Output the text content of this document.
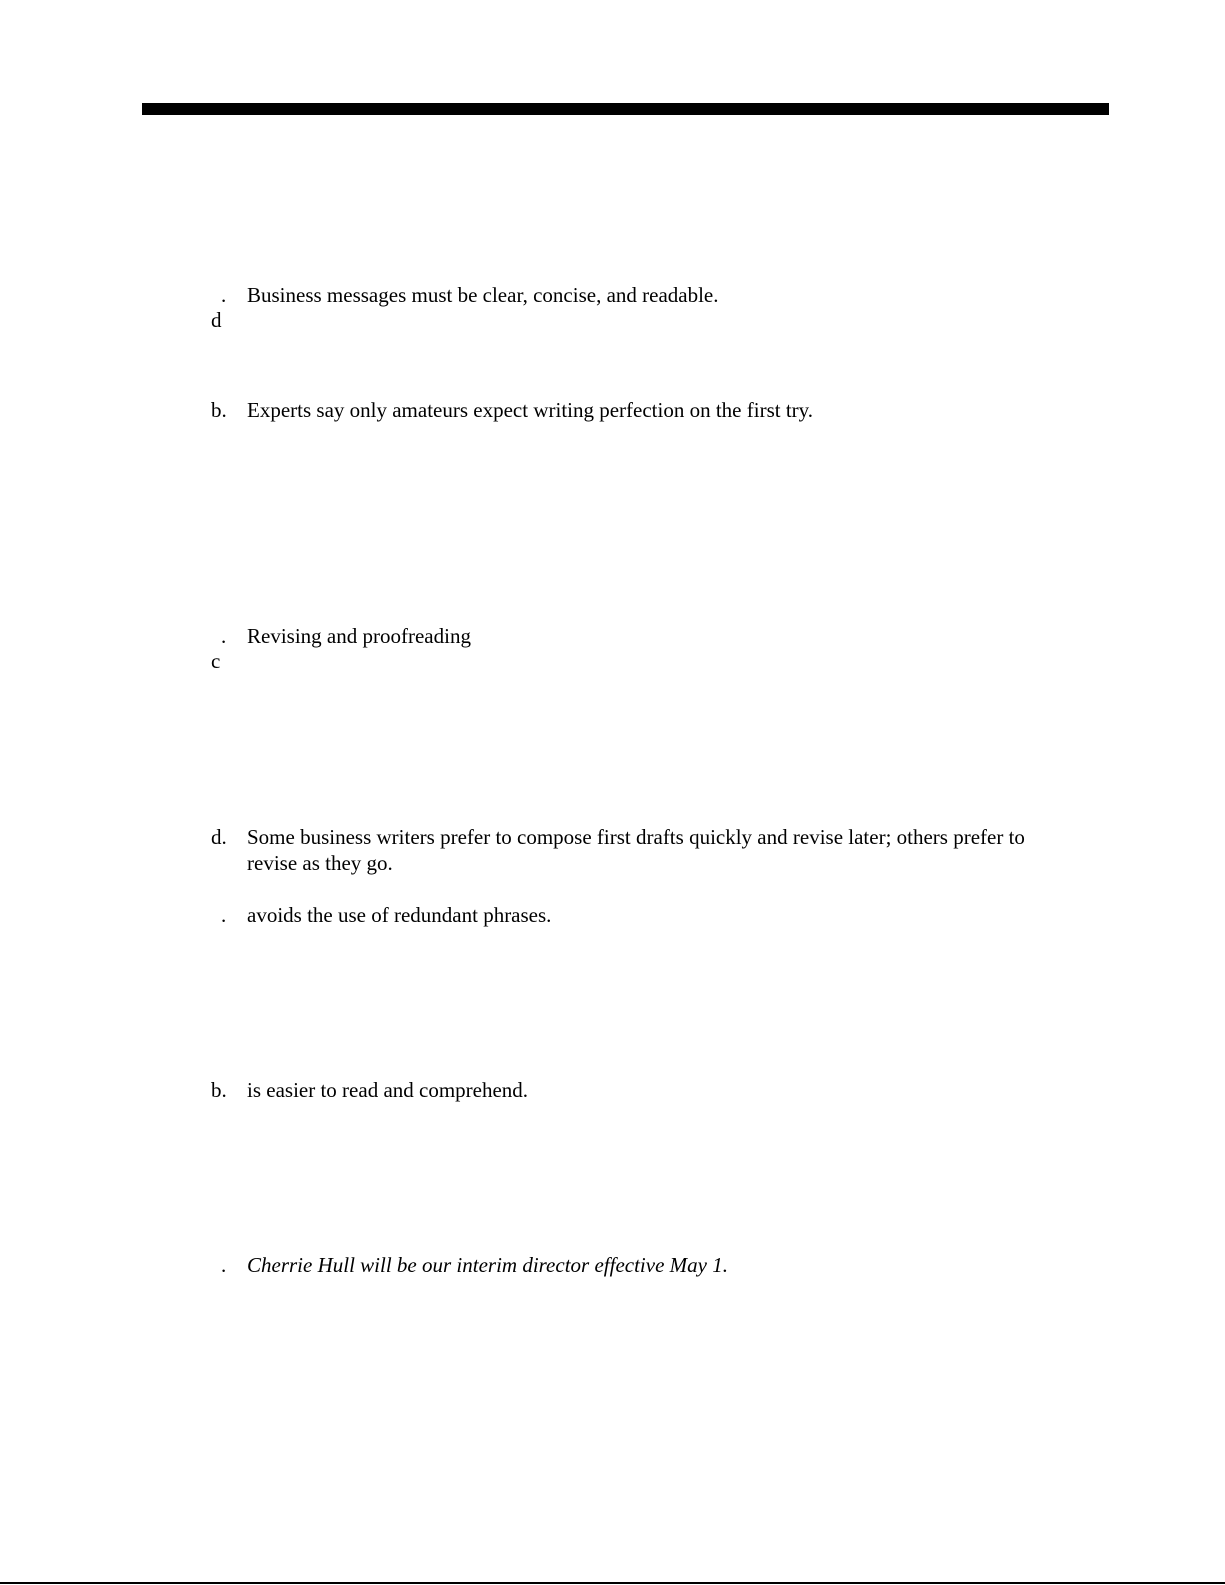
.
d
Business messages must be clear, concise, and readable.
b. Experts say only amateurs expect writing perfection on the first try.
.
c
Revising and proofreading
d. Some business writers prefer to compose first drafts quickly and revise later; others prefer to revise as they go.
. avoids the use of redundant phrases.
b. is easier to read and comprehend.
. Cherrie Hull will be our interim director effective May 1.
